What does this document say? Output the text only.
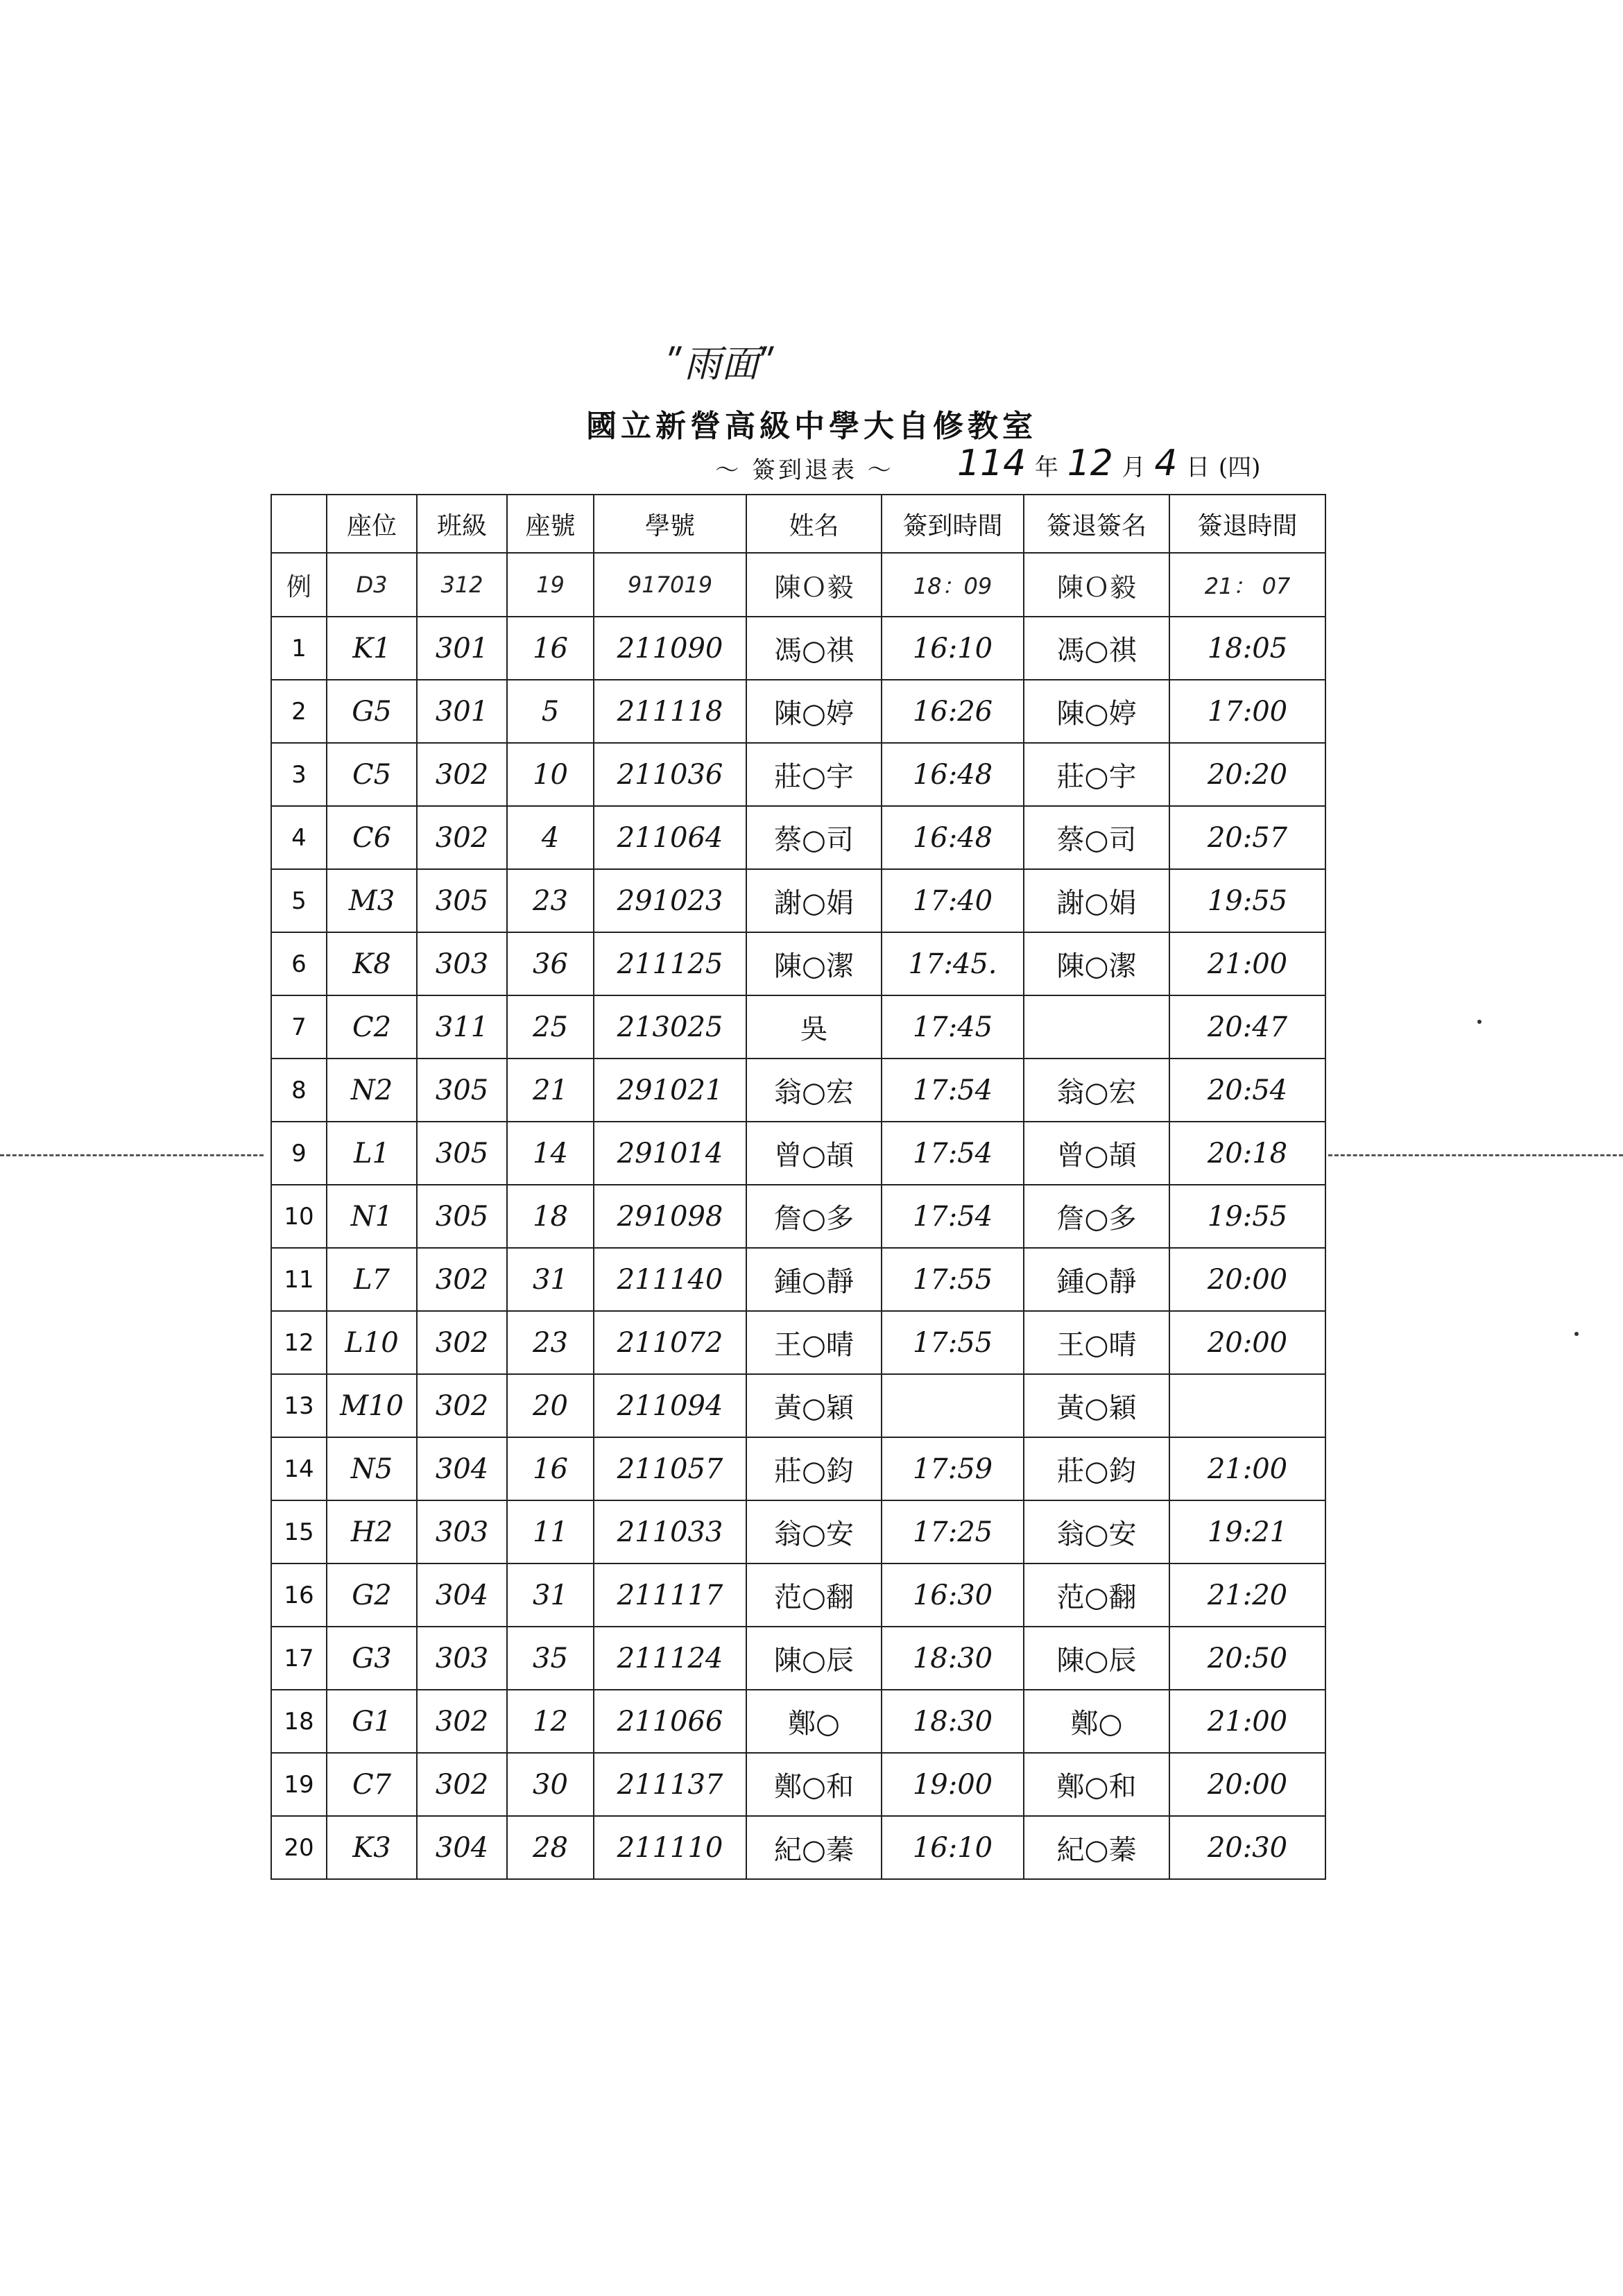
ʺ雨面ʺ
國立新營高級中學大自修教室
～ 簽到退表 ～	114 年 12 月 4 日 (四)
	座位	班級	座號	學號	姓名	簽到時間	簽退簽名	簽退時間
例	D3	312	19	917019	陳Ｏ毅	18：09	陳Ｏ毅	21： 07
1	K1	301	16	211090	馮○祺	16:10	馮○祺	18:05
2	G5	301	5	211118	陳○婷	16:26	陳○婷	17:00
3	C5	302	10	211036	莊○宇	16:48	莊○宇	20:20
4	C6	302	4	211064	蔡○司	16:48	蔡○司	20:57
5	M3	305	23	291023	謝○娟	17:40	謝○娟	19:55
6	K8	303	36	211125	陳○潔	17:45.	陳○潔	21:00
7	C2	311	25	213025	吳	17:45		20:47
8	N2	305	21	291021	翁○宏	17:54	翁○宏	20:54
9	L1	305	14	291014	曾○頡	17:54	曾○頡	20:18
10	N1	305	18	291098	詹○多	17:54	詹○多	19:55
11	L7	302	31	211140	鍾○靜	17:55	鍾○靜	20:00
12	L10	302	23	211072	王○晴	17:55	王○晴	20:00
13	M10	302	20	211094	黃○穎		黃○穎	
14	N5	304	16	211057	莊○鈞	17:59	莊○鈞	21:00
15	H2	303	11	211033	翁○安	17:25	翁○安	19:21
16	G2	304	31	211117	范○翻	16:30	范○翻	21:20
17	G3	303	35	211124	陳○辰	18:30	陳○辰	20:50
18	G1	302	12	211066	鄭○	18:30	鄭○	21:00
19	C7	302	30	211137	鄭○和	19:00	鄭○和	20:00
20	K3	304	28	211110	紀○蓁	16:10	紀○蓁	20:30
